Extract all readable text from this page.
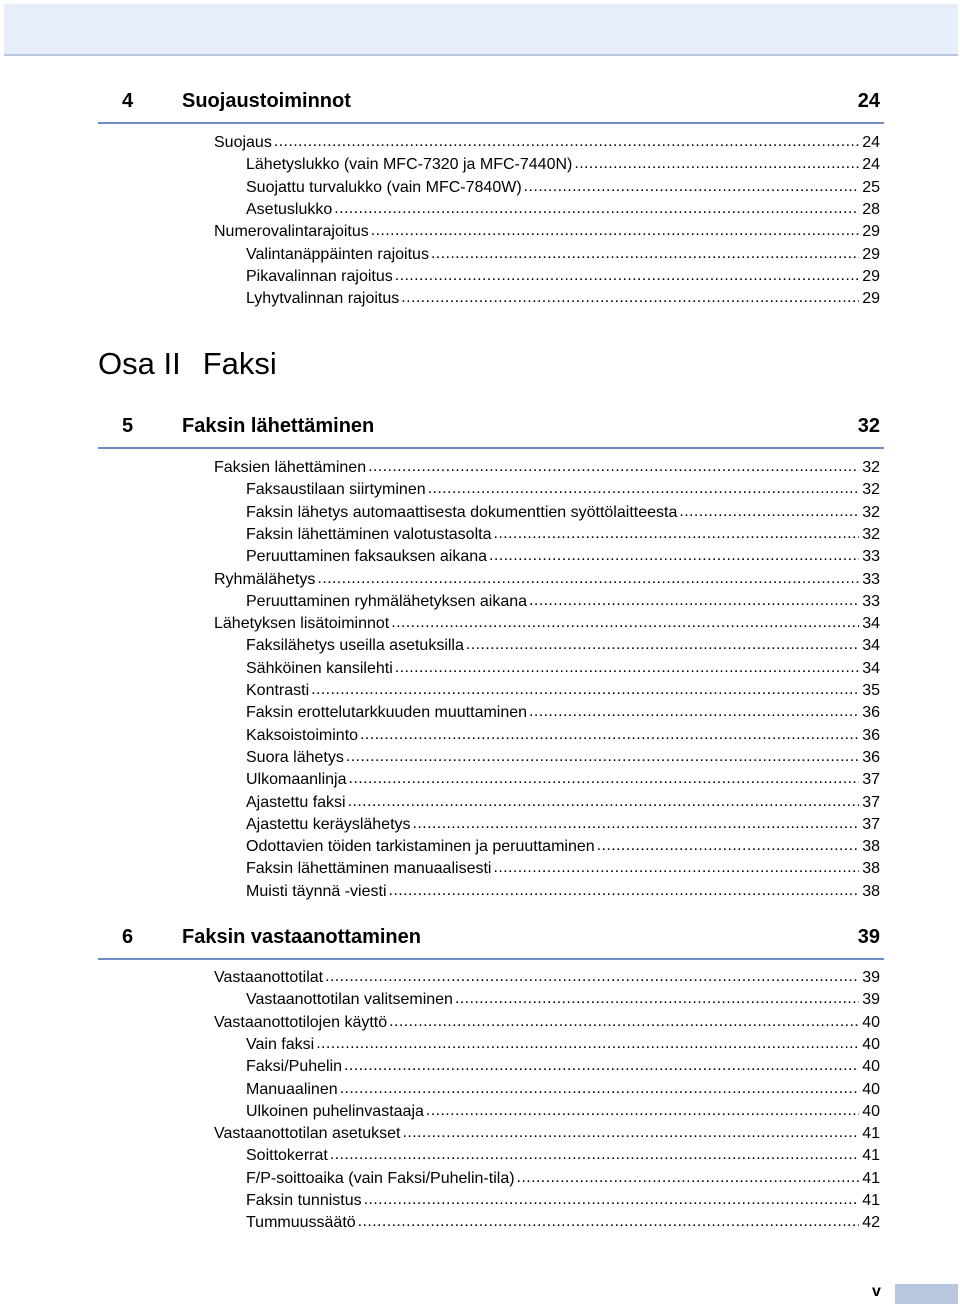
4 Suojaustoiminnot	24
Suojaus .....	24
Lähetyslukko (vain MFC-7320 ja MFC-7440N) .....	24
Suojattu turvalukko (vain MFC-7840W) .....	25
Asetuslukko .....	28
Numerovalintarajoitus .....	29
Valintanäppäinten rajoitus .....	29
Pikavalinnan rajoitus .....	29
Lyhytvalinnan rajoitus .....	29
Osa II Faksi
5 Faksin lähettäminen	32
Faksien lähettäminen .....	32
Faksaustilaan siirtyminen .....	32
Faksin lähetys automaattisesta dokumenttien syöttölaitteesta .....	32
Faksin lähettäminen valotustasolta .....	32
Peruuttaminen faksauksen aikana .....	33
Ryhmälähetys .....	33
Peruuttaminen ryhmälähetyksen aikana .....	33
Lähetyksen lisätoiminnot .....	34
Faksilähetys useilla asetuksilla .....	34
Sähköinen kansilehti .....	34
Kontrasti .....	35
Faksin erottelutarkkuuden muuttaminen .....	36
Kaksoistoiminto .....	36
Suora lähetys .....	36
Ulkomaanlinja .....	37
Ajastettu faksi .....	37
Ajastettu keräyslähetys .....	37
Odottavien töiden tarkistaminen ja peruuttaminen .....	38
Faksin lähettäminen manuaalisesti .....	38
Muisti täynnä -viesti .....	38
6 Faksin vastaanottaminen	39
Vastaanottotilat .....	39
Vastaanottotilan valitseminen .....	39
Vastaanottotilojen käyttö .....	40
Vain faksi .....	40
Faksi/Puhelin .....	40
Manuaalinen .....	40
Ulkoinen puhelinvastaaja .....	40
Vastaanottotilan asetukset .....	41
Soittokerrat .....	41
F/P-soittoaika (vain Faksi/Puhelin-tila) .....	41
Faksin tunnistus .....	41
Tummuussäätö .....	42
v
